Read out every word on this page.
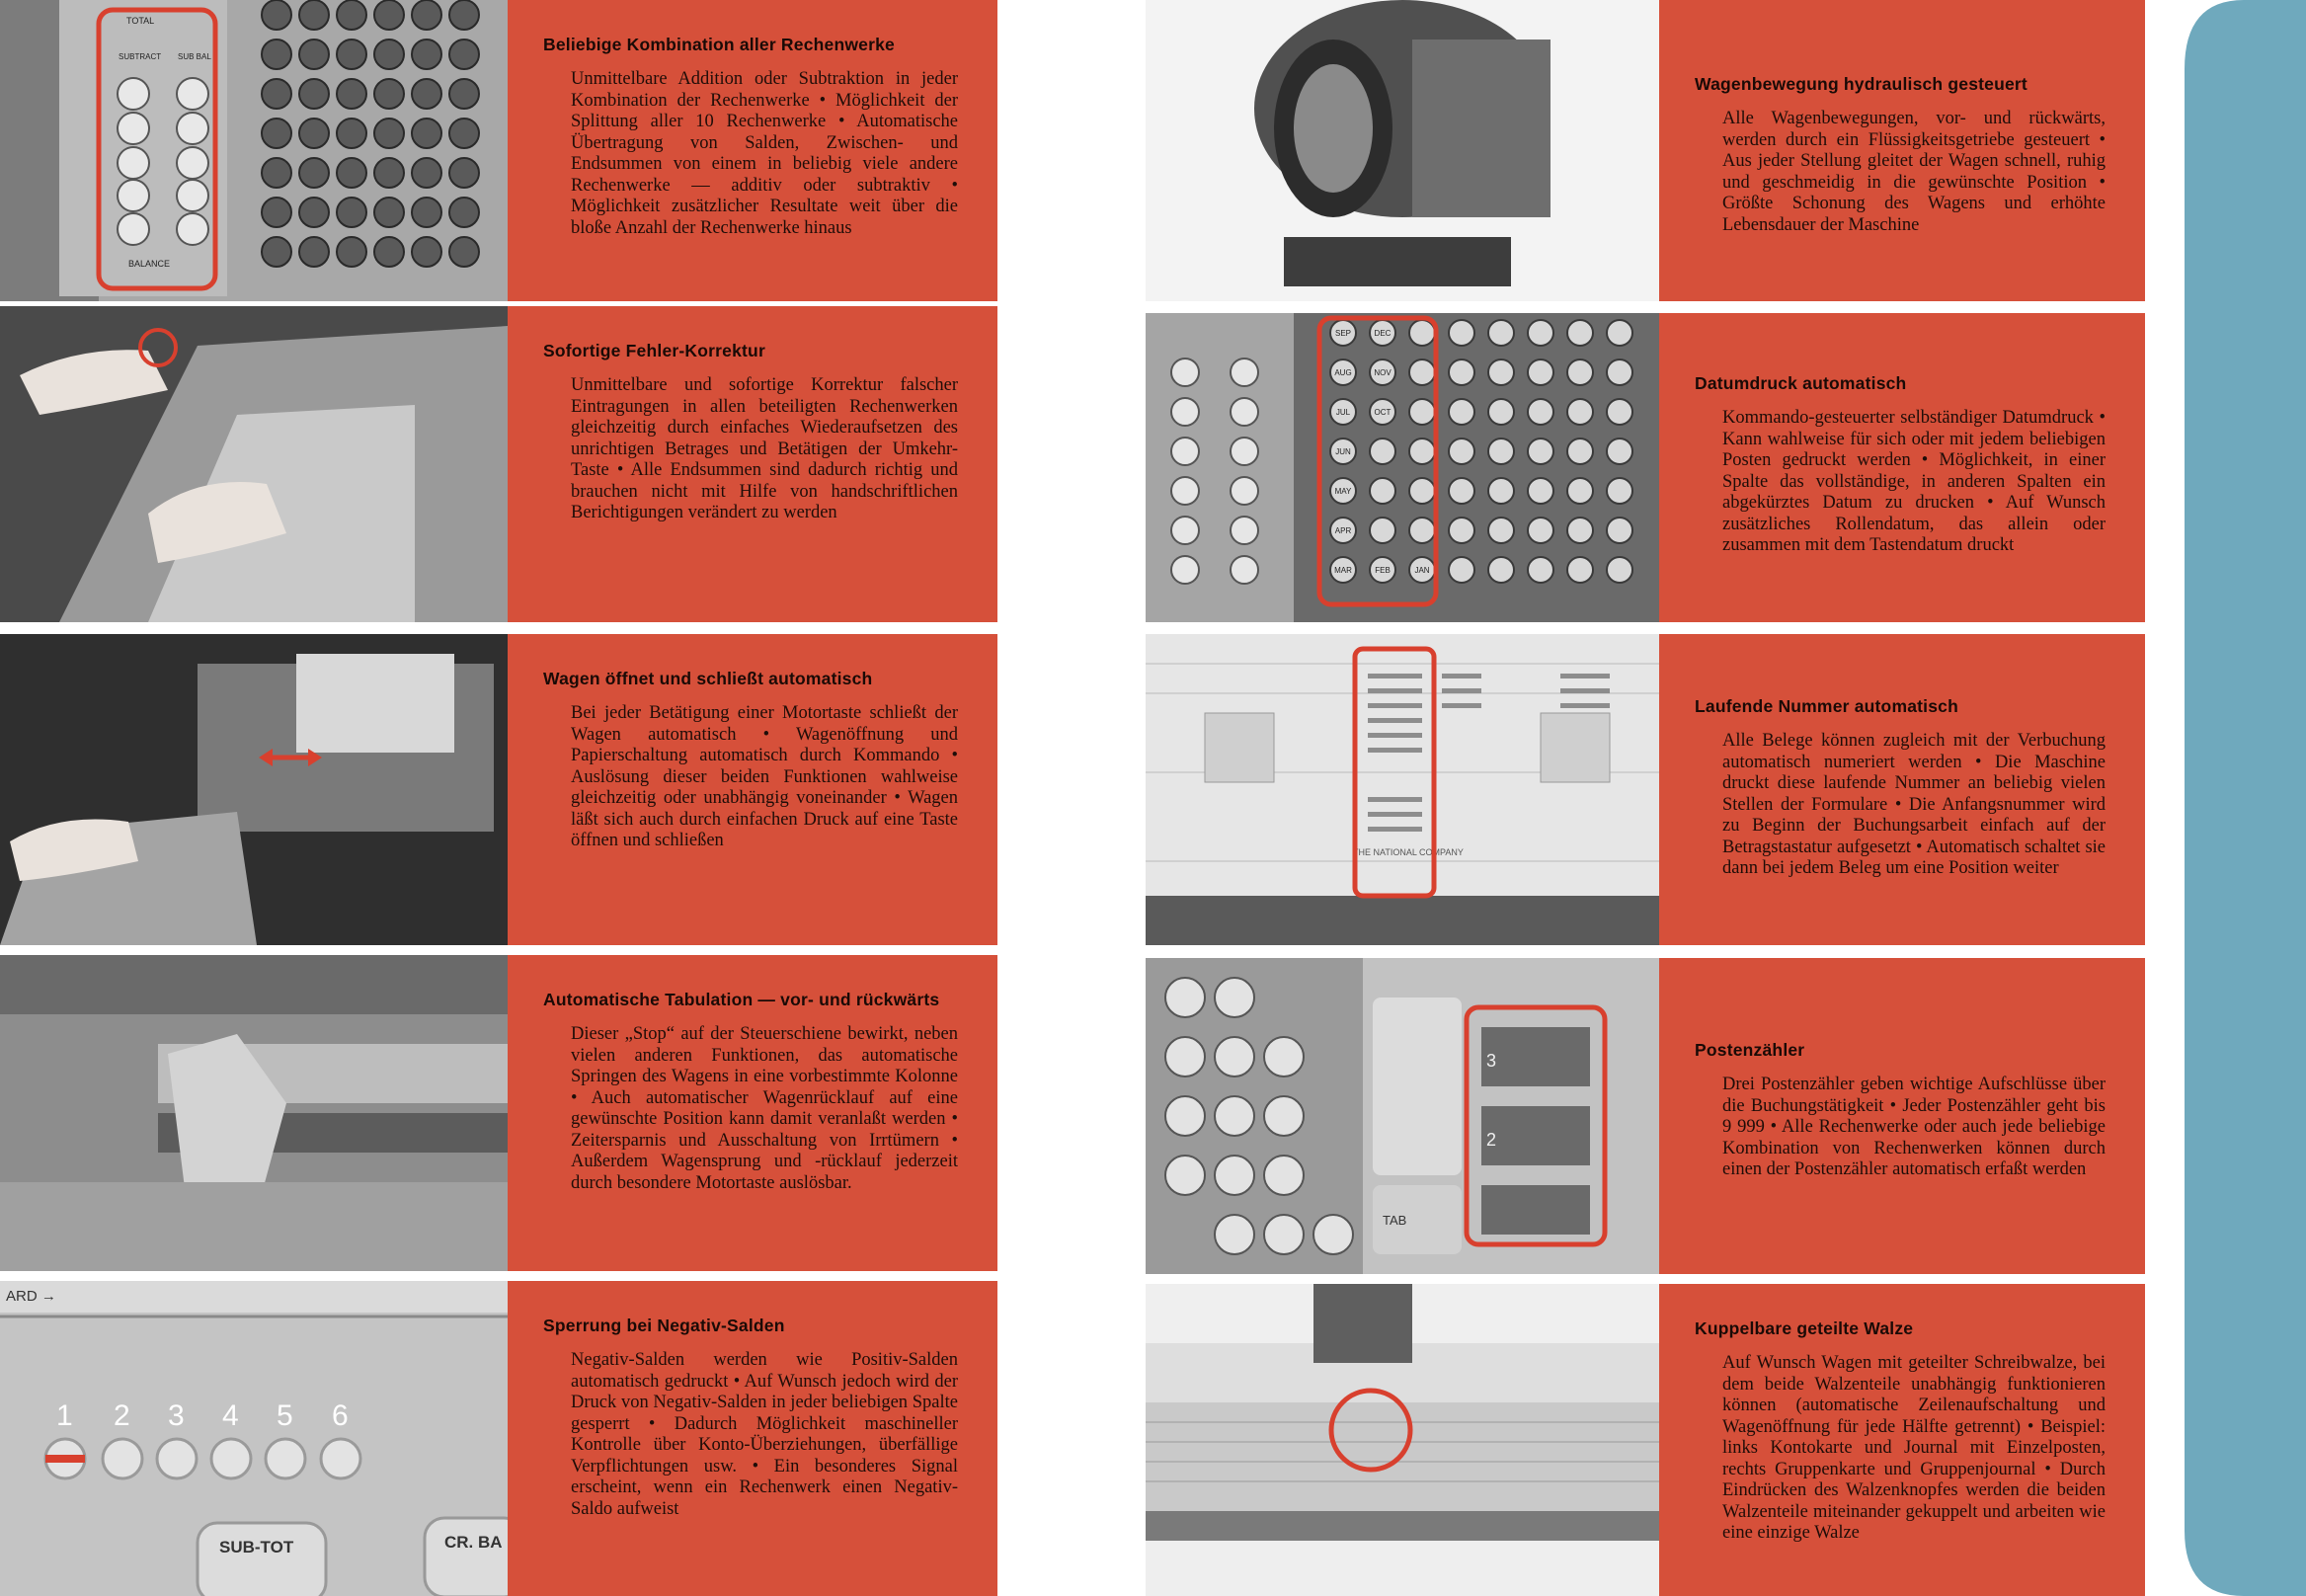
BALANCE
TOTAL
SUBTRACT SUB BAL
Beliebige Kombination aller Rechenwerke

Unmittelbare Addition oder Subtraktion in jeder Kombination der Rechenwerke • Möglichkeit der Splittung aller 10 Rechenwerke • Automatische Übertragung von Salden, Zwischen- und Endsummen von einem in beliebig viele andere Rechenwerke — additiv oder subtraktiv • Möglichkeit zusätzlicher Resultate weit über die bloße Anzahl der Rechenwerke hinaus

Sofortige Fehler-Korrektur

Unmittelbare und sofortige Korrektur falscher Eintragungen in allen beteiligten Rechenwerken gleichzeitig durch einfaches Wiederaufsetzen des unrichtigen Betrages und Betätigen der Umkehr-Taste • Alle Endsummen sind dadurch richtig und brauchen nicht mit Hilfe von handschriftlichen Berichtigungen verändert zu werden

Wagen öffnet und schließt automatisch

Bei jeder Betätigung einer Motortaste schließt der Wagen automatisch • Wagenöffnung und Papierschaltung automatisch durch Kommando • Auslösung dieser beiden Funktionen wahlweise gleichzeitig oder unabhängig voneinander • Wagen läßt sich auch durch einfachen Druck auf eine Taste öffnen und schließen

Automatische Tabulation — vor- und rückwärts

Dieser „Stop“ auf der Steuerschiene bewirkt, neben vielen anderen Funktionen, das automatische Springen des Wagens in eine vorbestimmte Kolonne • Auch automatischer Wagenrücklauf auf eine gewünschte Position kann damit veranlaßt werden • Zeitersparnis und Ausschaltung von Irrtümern • Außerdem Wagensprung und -rücklauf jederzeit durch besondere Motortaste auslösbar.

ARD →
1 2 3 4 5 6
SUB-TOT	CR. BA
Sperrung bei Negativ-Salden

Negativ-Salden werden wie Positiv-Salden automatisch gedruckt • Auf Wunsch jedoch wird der Druck von Negativ-Salden in jeder beliebigen Spalte gesperrt • Dadurch Möglichkeit maschineller Kontrolle über Konto-Überziehungen, überfällige Verpflichtungen usw. • Ein besonderes Signal erscheint, wenn ein Rechenwerk einen Negativ-Saldo aufweist

Wagenbewegung hydraulisch gesteuert

Alle Wagenbewegungen, vor- und rückwärts, werden durch ein Flüssigkeitsgetriebe gesteuert • Aus jeder Stellung gleitet der Wagen schnell, ruhig und geschmeidig in die gewünschte Position • Größte Schonung des Wagens und erhöhte Lebensdauer der Maschine

SEP	DEC
AUG	NOV
JUL	OCT
JUN
MAY
APR
MAR	FEB	JAN
Datumdruck automatisch

Kommando-gesteuerter selbständiger Datumdruck • Kann wahlweise für sich oder mit jedem beliebigen Posten gedruckt werden • Möglichkeit, in einer Spalte das vollständige, in anderen Spalten ein abgekürztes Datum zu drucken • Auf Wunsch zusätzliches Rollendatum, das allein oder zusammen mit dem Tastendatum druckt

THE NATIONAL COMPANY
Laufende Nummer automatisch

Alle Belege können zugleich mit der Verbuchung automatisch numeriert werden • Die Maschine druckt diese laufende Nummer an beliebig vielen Stellen der Formulare • Die Anfangsnummer wird zu Beginn der Buchungsarbeit einfach auf der Betragstastatur aufgesetzt • Automatisch schaltet sie dann bei jedem Beleg um eine Position weiter

TAB
3
2
Postenzähler

Drei Postenzähler geben wichtige Aufschlüsse über die Buchungstätigkeit • Jeder Postenzähler geht bis 9 999 • Alle Rechenwerke oder auch jede beliebige Kombination von Rechenwerken können durch einen der Postenzähler automatisch erfaßt werden

Kuppelbare geteilte Walze

Auf Wunsch Wagen mit geteilter Schreibwalze, bei dem beide Walzenteile unabhängig funktionieren können (automatische Zeilenaufschaltung und Wagenöffnung für jede Hälfte getrennt) • Beispiel: links Kontokarte und Journal mit Einzelposten, rechts Gruppenkarte und Gruppenjournal • Durch Eindrücken des Walzenknopfes werden die beiden Walzenteile miteinander gekuppelt und arbeiten wie eine einzige Walze
